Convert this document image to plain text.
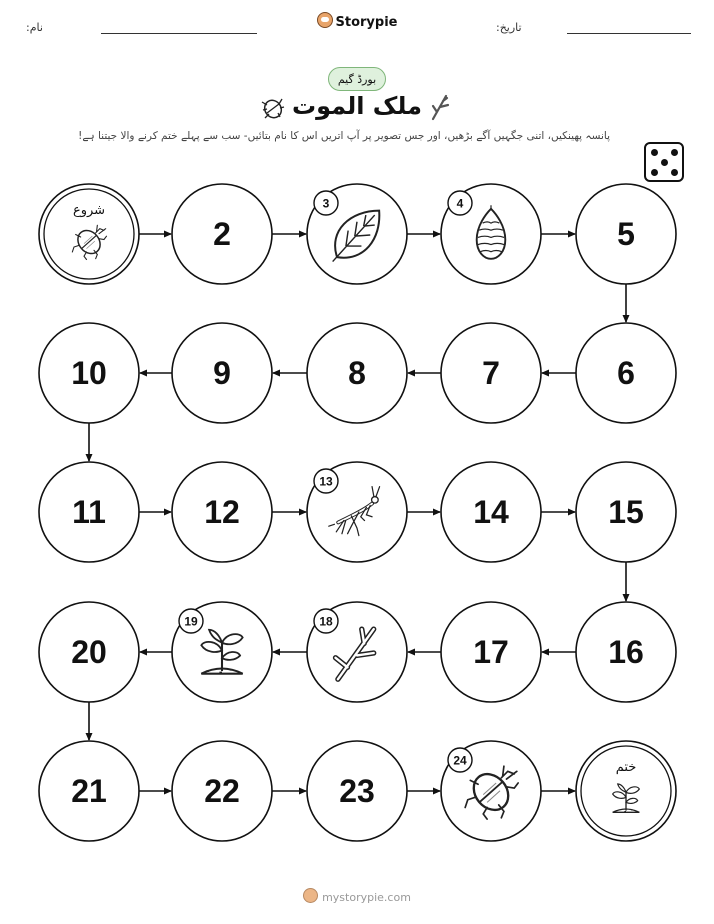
نام:	Storypie	تاریخ:
بورڈ گیم
ملک الموت
پانسہ پھینکیں، اتنی جگہیں آگے بڑھیں، اور جس تصویر پر آپ اتریں اس کا نام بتائیں- سب سے پہلے ختم کرنے والا جیتنا ہے!
شروع
2
3	4
5
6
7
8
9
10
11	12
13
14	15
16
17
18
19
20
21	22	23
24	ختم
mystorypie.com
